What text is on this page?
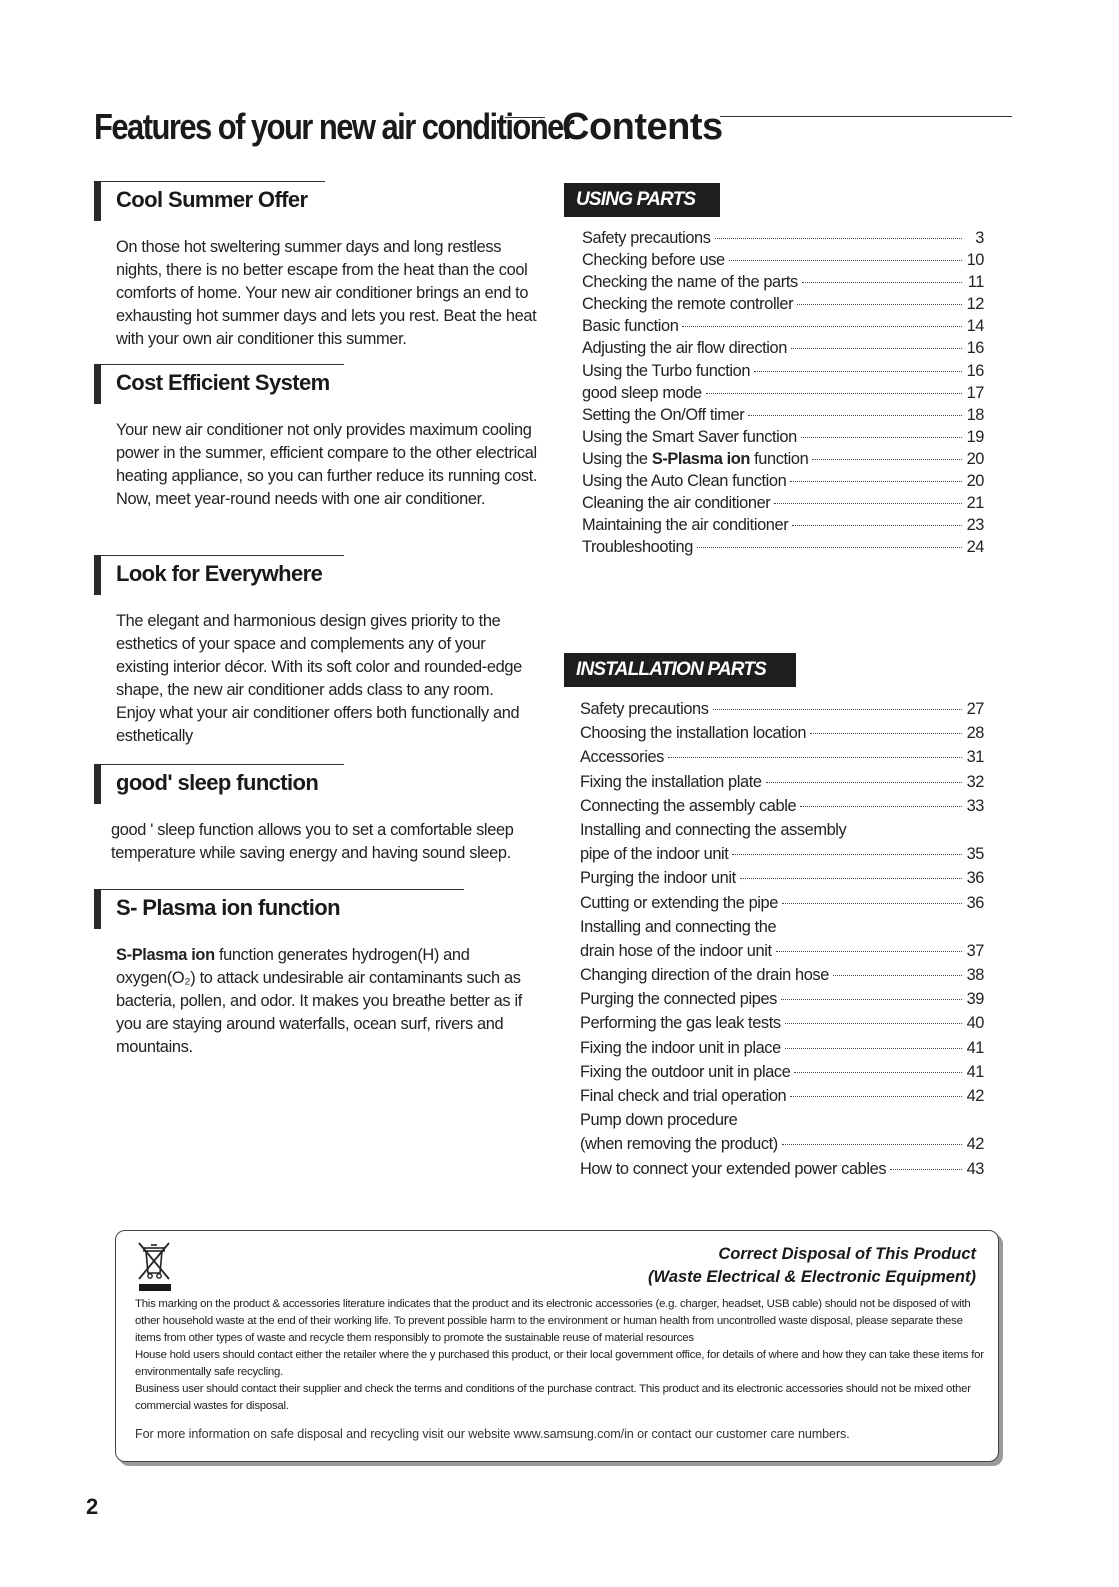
Features of your new air conditioner
Cool Summer Offer
On those hot sweltering summer days and long restless nights, there is no better escape from the heat than the cool comforts of home. Your new air conditioner brings an end to exhausting hot summer days and lets you rest. Beat the heat with your own air conditioner this summer.
Cost Efficient System
Your new air conditioner not only provides maximum cooling power in the summer, efficient compare to the other electrical heating appliance, so you can further reduce its running cost. Now, meet year-round needs with one air conditioner.
Look for Everywhere
The elegant and harmonious design gives priority to the esthetics of your space and complements any of your existing interior décor. With its soft color and rounded-edge shape, the new air conditioner adds class to any room. Enjoy what your air conditioner offers both functionally and esthetically
good' sleep function
good ' sleep function allows you to set a comfortable sleep temperature while saving energy and having sound sleep.
S- Plasma ion function
S-Plasma ion function generates hydrogen(H) and oxygen(O₂) to attack undesirable air contaminants such as bacteria, pollen, and odor. It makes you breathe better as if you are staying around waterfalls, ocean surf, rivers and mountains.
Contents
USING PARTS
Safety precautions	3
Checking before use	10
Checking the name of the parts	11
Checking the remote controller	12
Basic function	14
Adjusting the air flow direction	16
Using the Turbo function	16
good sleep mode	17
Setting the On/Off timer	18
Using the Smart Saver function	19
Using the S-Plasma ion function	20
Using the Auto Clean function	20
Cleaning the air conditioner	21
Maintaining the air conditioner	23
Troubleshooting	24
INSTALLATION PARTS
Safety precautions	27
Choosing the installation location	28
Accessories	31
Fixing the installation plate	32
Connecting the assembly cable	33
Installing and connecting the assembly
pipe of the indoor unit	35
Purging the indoor unit	36
Cutting or extending the pipe	36
Installing and connecting the
drain hose of the indoor unit	37
Changing direction of the drain hose	38
Purging the connected pipes	39
Performing the gas leak tests	40
Fixing the indoor unit in place	41
Fixing the outdoor unit in place	41
Final check and trial operation	42
Pump down procedure
(when removing the product)	42
How to connect your extended power cables	43
Correct Disposal of This Product
(Waste Electrical & Electronic Equipment)

This marking on the product & accessories literature indicates that the product and its electronic accessories (e.g. charger, headset, USB cable) should not be disposed of with other household waste at the end of their working life. To prevent possible harm to the environment or human health from uncontrolled waste disposal, please separate these items from other types of waste and recycle them responsibly to promote the sustainable reuse of material resources

House hold users should contact either the retailer where the y purchased this product, or their local government office, for details of where and how they can take these items for environmentally safe recycling.

Business user should contact their supplier and check the terms and conditions of the purchase contract. This product and its electronic accessories should not be mixed other commercial wastes for disposal.

For more information on safe disposal and recycling visit our website www.samsung.com/in or contact our customer care numbers.
2
